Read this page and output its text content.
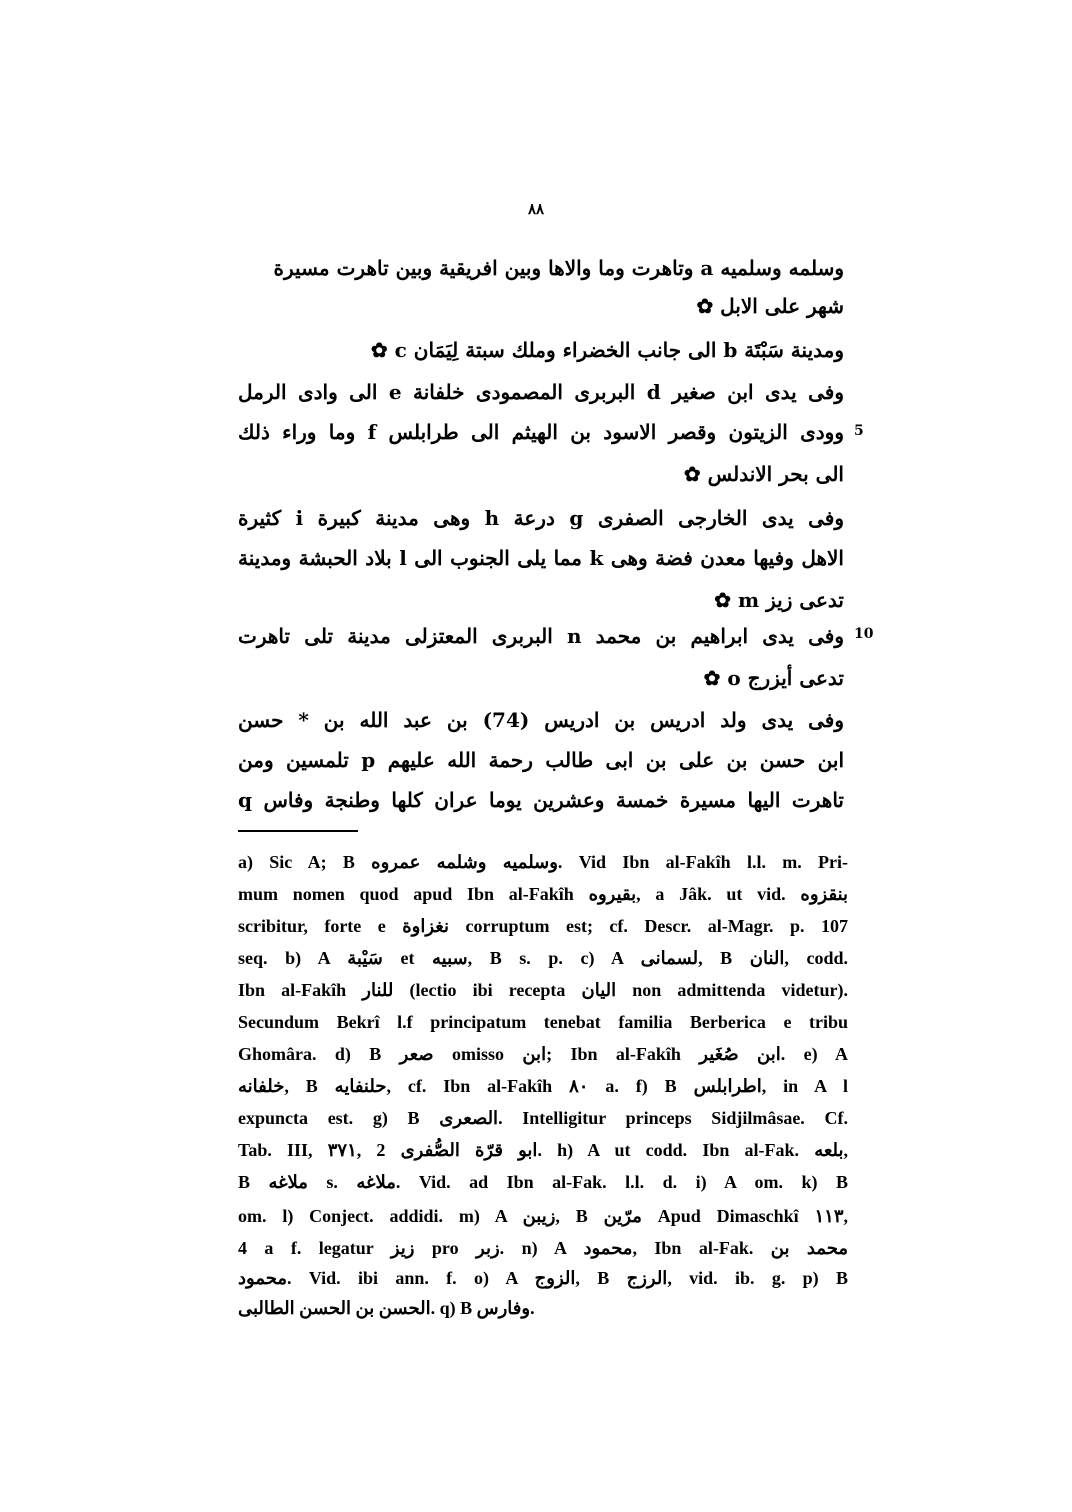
٨٨
وسلمه وسلميه a وتاهرت وما والاها وبين افريقية وبين تاهرت مسيرة
شهر على الابل ✿
ومدينة سَبْتَة b الى جانب الخضراء وملك سبتة لِيَمَان c ✿
وفى يدى ابن صغير d البربرى المصمودى خلفانة e الى وادى الرمل
5
وودى الزيتون وقصر الاسود بن الهيثم الى طرابلس f وما وراء ذلك
الى بحر الاندلس ✿
وفى يدى الخارجى الصفرى g درعة h وهى مدينة كبيرة i كثيرة
الاهل وفيها معدن فضة وهى k مما يلى الجنوب الى l بلاد الحبشة ومدينة
تدعى زيز m ✿
10
وفى يدى ابراهيم بن محمد n البربرى المعتزلى مدينة تلى تاهرت
تدعى أيزرج o ✿
وفى يدى ولد ادريس بن ادريس (74) بن عبد الله بن * حسن
ابن حسن بن على بن ابى طالب رحمة الله عليهم p تلمسين ومن
تاهرت اليها مسيرة خمسة وعشرين يوما عران كلها وطنجة وفاس q
a) Sic A; B وسلميه وشلمه عمروه. Vid Ibn al-Fakîh l.l. m. Pri-
mum nomen quod apud Ibn al-Fakîh بقيروه, a Jâk. ut vid. بنقزوه
scribitur, forte e نغزاوة corruptum est; cf. Descr. al-Magr. p. 107
seq. b) A سَيْبة et سبيه, B s. p. c) A لسمانى, B النان, codd.
Ibn al-Fakîh للنار (lectio ibi recepta اليان non admittenda videtur).
Secundum Bekrî l.f principatum tenebat familia Berberica e tribu
Ghomâra. d) B صعر omisso ابن; Ibn al-Fakîh ابن صُغَير. e) A
خلفانه, B حلنفايه, cf. Ibn al-Fakîh ٨٠ a. f) B اطرابلس, in A l
expuncta est. g) B الصعرى. Intelligitur princeps Sidjilmâsae. Cf.
Tab. III, ٣٧١, 2 ابو قرّة الصُّفرى. h) A ut codd. Ibn al-Fak. بلعه,
B ملاغه s. ملاغه. Vid. ad Ibn al-Fak. l.l. d. i) A om. k) B
om. l) Conject. addidi. m) A زيبن, B مرّين Apud Dimaschkî ١١٣,
4 a f. legatur زيز pro زبر. n) A محمود, Ibn al-Fak. محمد بن
محمود. Vid. ibi ann. f. o) A الزوج, B الرزج, vid. ib. g. p) B
الحسن بن الحسن الطالبى. q) B وفارس.
